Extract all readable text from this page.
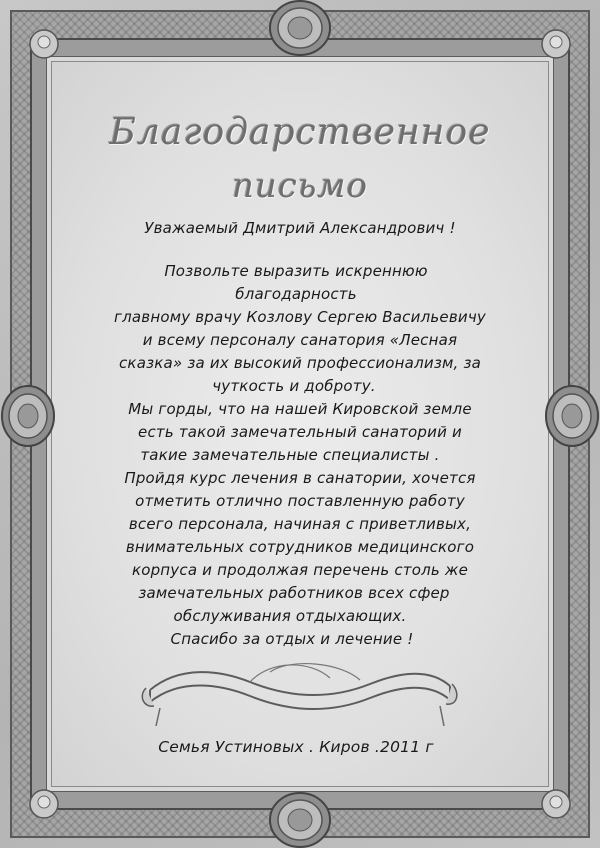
Благодарственное
письмо
Уважаемый Дмитрий Александрович !
Позвольте выразить искреннюю
благодарность
главному врачу Козлову Сергею Васильевичу
и всему персоналу санатория «Лесная
сказка» за их высокий профессионализм, за
чуткость и доброту.
Мы горды, что на нашей Кировской земле
есть такой замечательный санаторий и
такие замечательные специалисты .
Пройдя курс лечения в санатории, хочется
отметить отлично поставленную работу
всего персонала, начиная с приветливых,
внимательных сотрудников медицинского
корпуса и продолжая перечень столь же
замечательных работников всех сфер
обслуживания отдыхающих.
Спасибо за отдых и лечение !
Семья Устиновых . Киров .2011 г
